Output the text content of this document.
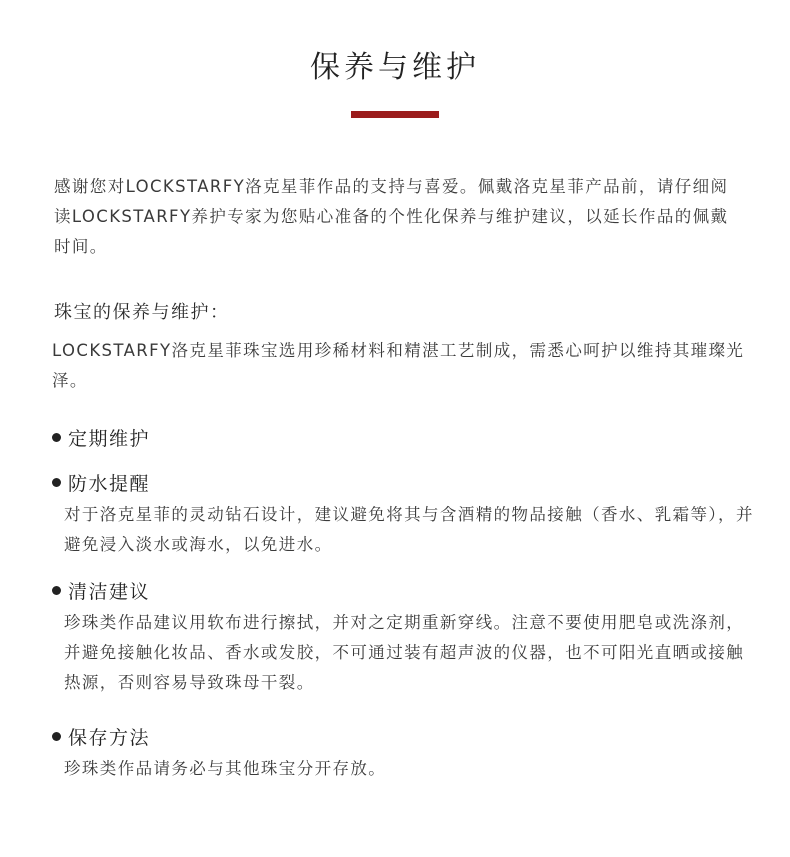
保养与维护

感谢您对LOCKSTARFY洛克星菲作品的支持与喜爱。佩戴洛克星菲产品前，请仔细阅读LOCKSTARFY养护专家为您贴心准备的个性化保养与维护建议，以延长作品的佩戴时间。

珠宝的保养与维护：

LOCKSTARFY洛克星菲珠宝选用珍稀材料和精湛工艺制成，需悉心呵护以维持其璀璨光泽。

定期维护
防水提醒

对于洛克星菲的灵动钻石设计，建议避免将其与含酒精的物品接触（香水、乳霜等），并避免浸入淡水或海水，以免进水。

清洁建议

珍珠类作品建议用软布进行擦拭，并对之定期重新穿线。注意不要使用肥皂或洗涤剂，并避免接触化妆品、香水或发胶，不可通过装有超声波的仪器，也不可阳光直晒或接触热源，否则容易导致珠母干裂。

保存方法

珍珠类作品请务必与其他珠宝分开存放。
